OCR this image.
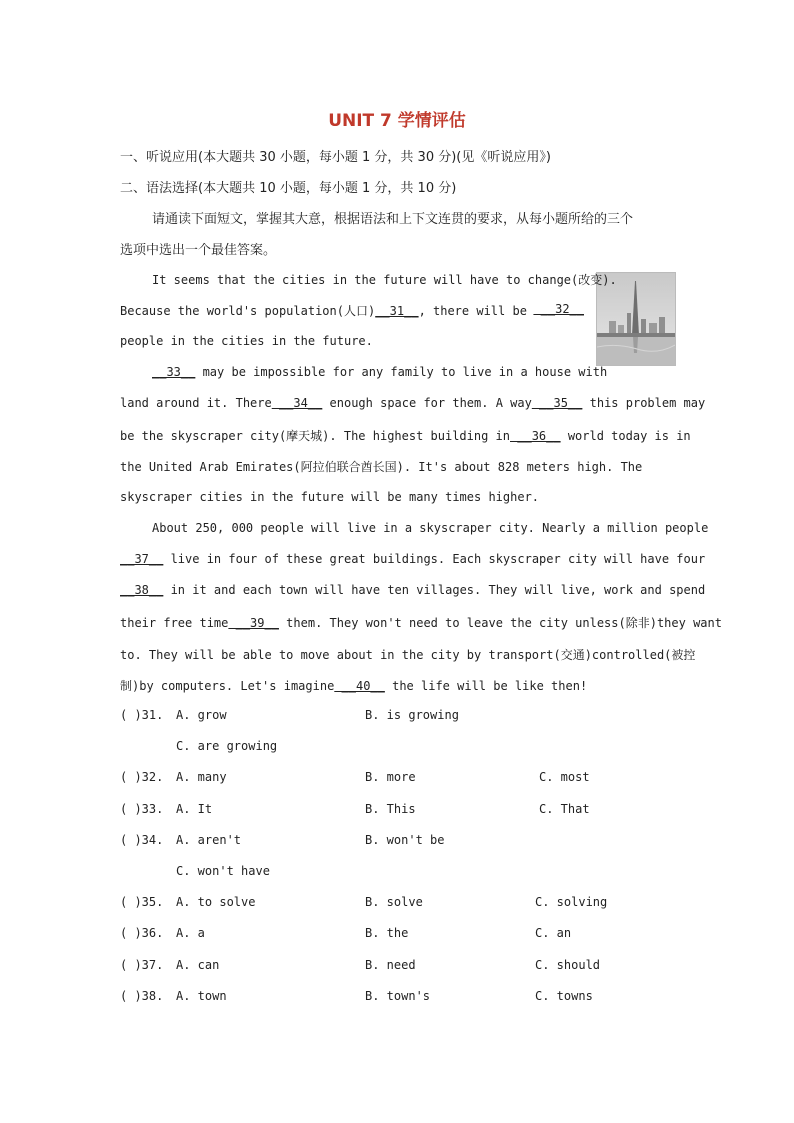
UNIT 7 学情评估
一、听说应用(本大题共 30 小题，每小题 1 分，共 30 分)(见《听说应用》)
二、语法选择(本大题共 10 小题，每小题 1 分，共 10 分)
请通读下面短文，掌握其大意，根据语法和上下文连贯的要求，从每小题所给的三个
选项中选出一个最佳答案。
It seems that the cities in the future will have to change(改变).
Because the world's population(人口)__31__, there will be __32__
people in the cities in the future.
__33__ may be impossible for any family to live in a house with
land around it. There __34__ enough space for them. A way __35__ this problem may
be the skyscraper city(摩天城). The highest building in __36__ world today is in
the United Arab Emirates(阿拉伯联合酋长国). It's about 828 meters high. The
skyscraper cities in the future will be many times higher.
About 250, 000 people will live in a skyscraper city. Nearly a million people
__37__ live in four of these great buildings. Each skyscraper city will have four
__38__ in it and each town will have ten villages. They will live, work and spend
their free time __39__ them. They won't need to leave the city unless(除非)they want
to. They will be able to move about in the city by transport(交通)controlled(被控
制)by computers. Let's imagine __40__ the life will be like then!
( )31. A. grow	B. is growing
C. are growing
( )32. A. many	B. more	C. most
( )33. A. It	B. This	C. That
( )34. A. aren't	B. won't be
C. won't have
( )35. A. to solve	B. solve	C. solving
( )36. A. a	B. the	C. an
( )37. A. can	B. need	C. should
( )38. A. town	B. town's	C. towns
